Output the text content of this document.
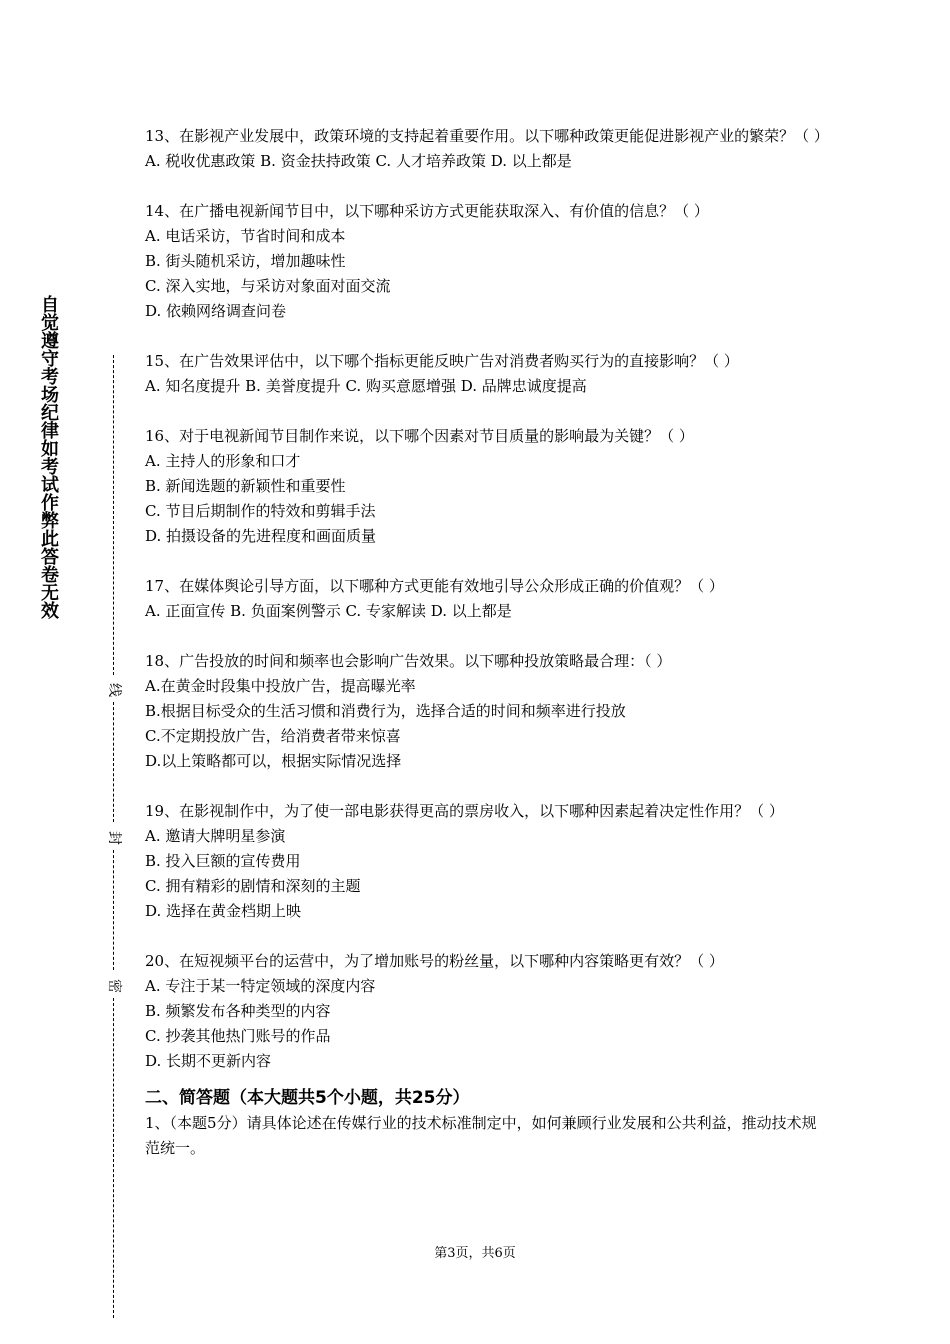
自觉遵守考场纪律如考试作弊此答卷无效
线
封
密

13、在影视产业发展中，政策环境的支持起着重要作用。以下哪种政策更能促进影视产业的繁荣？（ ）

A. 税收优惠政策 B. 资金扶持政策 C. 人才培养政策 D. 以上都是

14、在广播电视新闻节目中，以下哪种采访方式更能获取深入、有价值的信息？（ ）

A. 电话采访，节省时间和成本

B. 街头随机采访，增加趣味性

C. 深入实地，与采访对象面对面交流

D. 依赖网络调查问卷

15、在广告效果评估中，以下哪个指标更能反映广告对消费者购买行为的直接影响？（ ）

A. 知名度提升 B. 美誉度提升 C. 购买意愿增强 D. 品牌忠诚度提高

16、对于电视新闻节目制作来说，以下哪个因素对节目质量的影响最为关键？（ ）

A. 主持人的形象和口才

B. 新闻选题的新颖性和重要性

C. 节目后期制作的特效和剪辑手法

D. 拍摄设备的先进程度和画面质量

17、在媒体舆论引导方面，以下哪种方式更能有效地引导公众形成正确的价值观？（ ）

A. 正面宣传 B. 负面案例警示 C. 专家解读 D. 以上都是

18、广告投放的时间和频率也会影响广告效果。以下哪种投放策略最合理：（ ）

A.在黄金时段集中投放广告，提高曝光率

B.根据目标受众的生活习惯和消费行为，选择合适的时间和频率进行投放

C.不定期投放广告，给消费者带来惊喜

D.以上策略都可以，根据实际情况选择

19、在影视制作中，为了使一部电影获得更高的票房收入，以下哪种因素起着决定性作用？（ ）

A. 邀请大牌明星参演

B. 投入巨额的宣传费用

C. 拥有精彩的剧情和深刻的主题

D. 选择在黄金档期上映

20、在短视频平台的运营中，为了增加账号的粉丝量，以下哪种内容策略更有效？（ ）

A. 专注于某一特定领域的深度内容

B. 频繁发布各种类型的内容

C. 抄袭其他热门账号的作品

D. 长期不更新内容

二、简答题（本大题共5个小题，共25分）

1、（本题5分）请具体论述在传媒行业的技术标准制定中，如何兼顾行业发展和公共利益，推动技术规范统一。

第3页，共6页
